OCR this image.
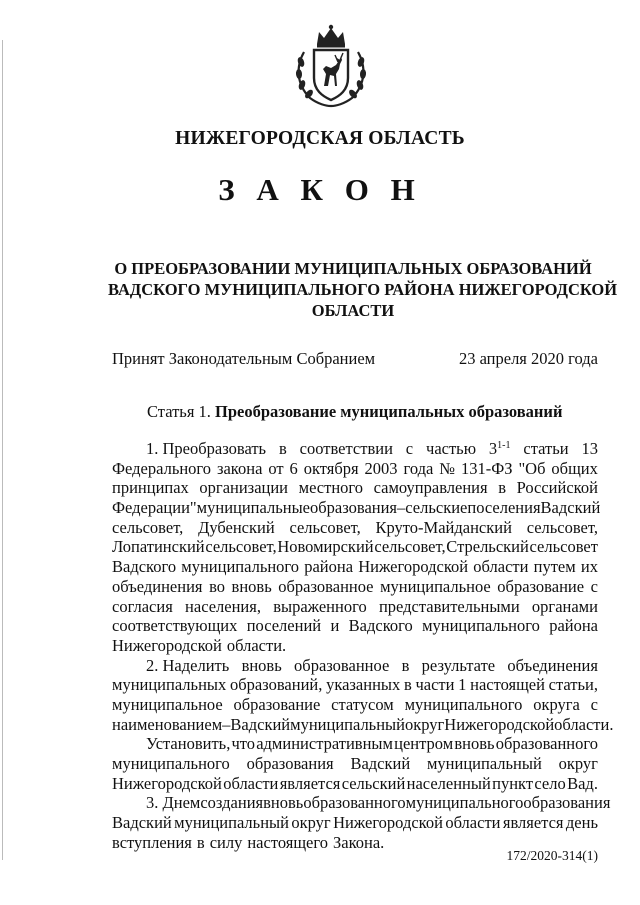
НИЖЕГОРОДСКАЯ ОБЛАСТЬ
З А К О Н
О ПРЕОБРАЗОВАНИИ МУНИЦИПАЛЬНЫХ ОБРАЗОВАНИЙ
ВАДСКОГО МУНИЦИПАЛЬНОГО РАЙОНА НИЖЕГОРОДСКОЙ
ОБЛАСТИ
Принят Законодательным Собранием	23 апреля 2020 года
Статья 1. Преобразование муниципальных образований
1. Преобразовать в соответствии с частью 3$^{1-1}$ статьи 13
Федерального закона от 6 октября 2003 года № 131-ФЗ "Об общих
принципах организации местного самоуправления в Российской
Федерации" муниципальные образования – сельские поселения Вадский
сельсовет, Дубенский сельсовет, Круто-Майданский сельсовет,
Лопатинский сельсовет, Новомирский сельсовет, Стрельский сельсовет
Вадского муниципального района Нижегородской области путем их
объединения во вновь образованное муниципальное образование с
согласия населения, выраженного представительными органами
соответствующих поселений и Вадского муниципального района
Нижегородской области.
2. Наделить вновь образованное в результате объединения
муниципальных образований, указанных в части 1 настоящей статьи,
муниципальное образование статусом муниципального округа с
наименованием – Вадский муниципальный округ Нижегородской области.
Установить, что административным центром вновь образованного
муниципального образования Вадский муниципальный округ
Нижегородской области является сельский населенный пункт село Вад.
3. Днем создания вновь образованного муниципального образования
Вадский муниципальный округ Нижегородской области является день
вступления в силу настоящего Закона.
172/2020-314(1)
